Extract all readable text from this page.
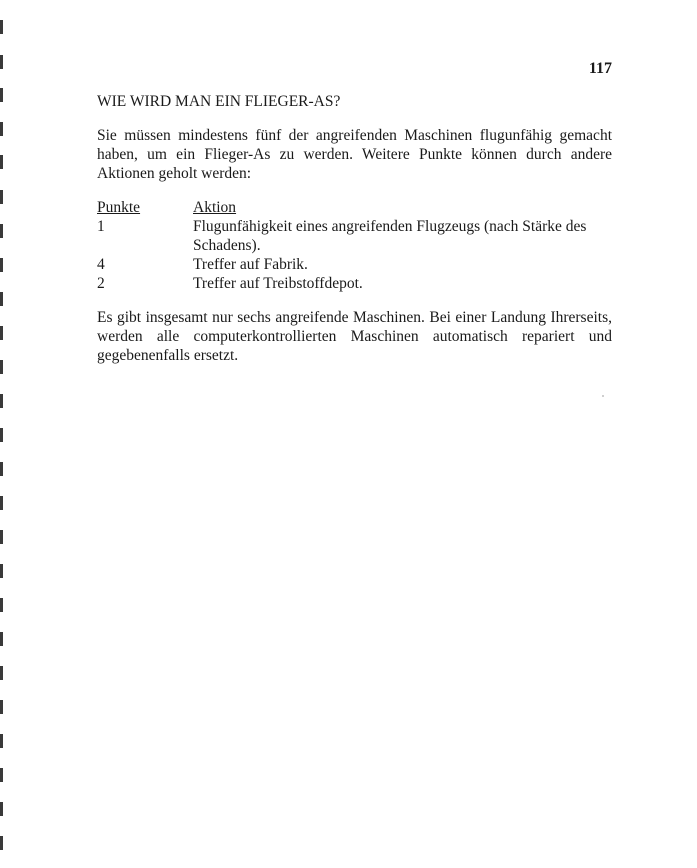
117
WIE WIRD MAN EIN FLIEGER-AS?

Sie müssen mindestens fünf der angreifenden Maschinen flugunfähig gemacht haben, um ein Flieger-As zu werden. Weitere Punkte können durch andere Aktionen geholt werden:

Punkte	Aktion
1	Flugunfähigkeit eines angreifenden Flugzeugs (nach Stärke des Schadens).
4	Treffer auf Fabrik.
2	Treffer auf Treibstoffdepot.

Es gibt insgesamt nur sechs angreifende Maschinen. Bei einer Landung Ihrerseits, werden alle computerkontrollierten Maschinen automatisch repariert und gegebenenfalls ersetzt.
